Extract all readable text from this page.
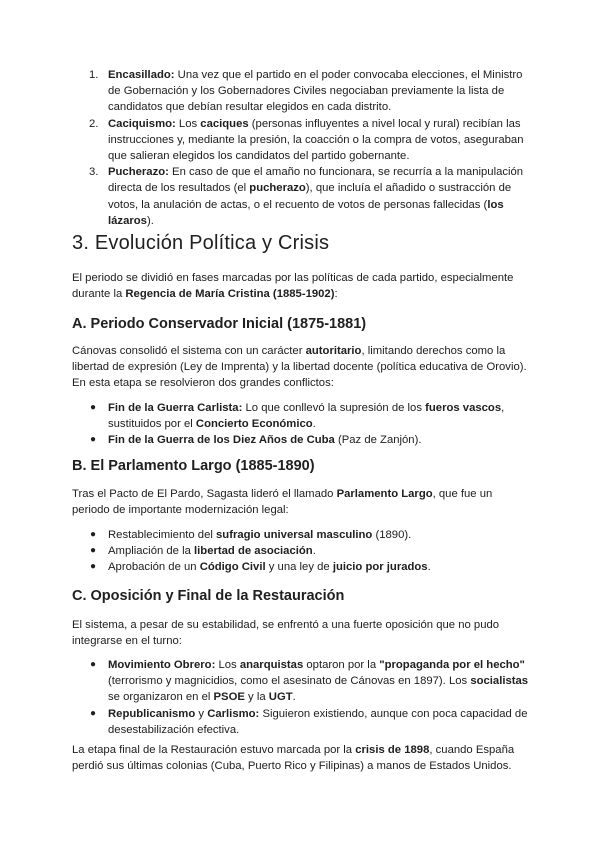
1. Encasillado: Una vez que el partido en el poder convocaba elecciones, el Ministro de Gobernación y los Gobernadores Civiles negociaban previamente la lista de candidatos que debían resultar elegidos en cada distrito.
2. Caciquismo: Los caciques (personas influyentes a nivel local y rural) recibían las instrucciones y, mediante la presión, la coacción o la compra de votos, aseguraban que salieran elegidos los candidatos del partido gobernante.
3. Pucherazo: En caso de que el amaño no funcionara, se recurría a la manipulación directa de los resultados (el pucherazo), que incluía el añadido o sustracción de votos, la anulación de actas, o el recuento de votos de personas fallecidas (los lázaros).
3. Evolución Política y Crisis
El periodo se dividió en fases marcadas por las políticas de cada partido, especialmente durante la Regencia de María Cristina (1885-1902):
A. Periodo Conservador Inicial (1875-1881)
Cánovas consolidó el sistema con un carácter autoritario, limitando derechos como la libertad de expresión (Ley de Imprenta) y la libertad docente (política educativa de Orovio). En esta etapa se resolvieron dos grandes conflictos:
● Fin de la Guerra Carlista: Lo que conllevó la supresión de los fueros vascos, sustituidos por el Concierto Económico.
● Fin de la Guerra de los Diez Años de Cuba (Paz de Zanjón).
B. El Parlamento Largo (1885-1890)
Tras el Pacto de El Pardo, Sagasta lideró el llamado Parlamento Largo, que fue un periodo de importante modernización legal:
● Restablecimiento del sufragio universal masculino (1890).
● Ampliación de la libertad de asociación.
● Aprobación de un Código Civil y una ley de juicio por jurados.
C. Oposición y Final de la Restauración
El sistema, a pesar de su estabilidad, se enfrentó a una fuerte oposición que no pudo integrarse en el turno:
● Movimiento Obrero: Los anarquistas optaron por la "propaganda por el hecho" (terrorismo y magnicidios, como el asesinato de Cánovas en 1897). Los socialistas se organizaron en el PSOE y la UGT.
● Republicanismo y Carlismo: Siguieron existiendo, aunque con poca capacidad de desestabilización efectiva.
La etapa final de la Restauración estuvo marcada por la crisis de 1898, cuando España perdió sus últimas colonias (Cuba, Puerto Rico y Filipinas) a manos de Estados Unidos.
